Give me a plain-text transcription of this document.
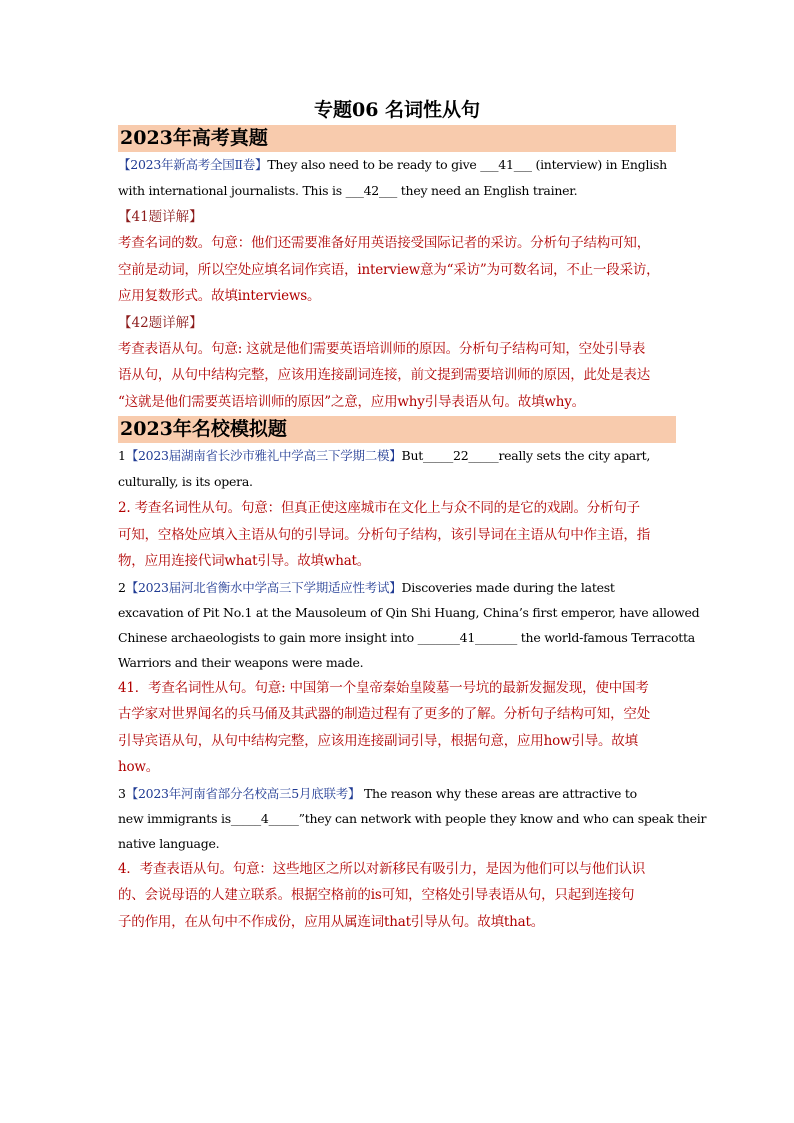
专题06 名词性从句
2023年高考真题
【2023年新高考全国Ⅱ卷】They also need to be ready to give ___41___ (interview) in English
with international journalists. This is ___42___ they need an English trainer.
【41题详解】
考查名词的数。句意：他们还需要准备好用英语接受国际记者的采访。分析句子结构可知，
空前是动词，所以空处应填名词作宾语，interview意为“采访”为可数名词，不止一段采访，
应用复数形式。故填interviews。
【42题详解】
考查表语从句。句意: 这就是他们需要英语培训师的原因。分析句子结构可知，空处引导表
语从句，从句中结构完整，应该用连接副词连接，前文提到需要培训师的原因，此处是表达
“这就是他们需要英语培训师的原因”之意，应用why引导表语从句。故填why。
2023年名校模拟题
1【2023届湖南省长沙市雅礼中学高三下学期二模】But_____22_____really sets the city apart,
culturally, is its opera.
2. 考查名词性从句。句意：但真正使这座城市在文化上与众不同的是它的戏剧。分析句子
可知，空格处应填入主语从句的引导词。分析句子结构，该引导词在主语从句中作主语，指
物，应用连接代词what引导。故填what。
2【2023届河北省衡水中学高三下学期适应性考试】Discoveries made during the latest
excavation of Pit No.1 at the Mausoleum of Qin Shi Huang, China’s first emperor, have allowed
Chinese archaeologists to gain more insight into _______41_______ the world-famous Terracotta
Warriors and their weapons were made.
41．考查名词性从句。句意: 中国第一个皇帝秦始皇陵墓一号坑的最新发掘发现，使中国考
古学家对世界闻名的兵马俑及其武器的制造过程有了更多的了解。分析句子结构可知，空处
引导宾语从句，从句中结构完整，应该用连接副词引导，根据句意，应用how引导。故填
how。
3【2023年河南省部分名校高三5月底联考】 The reason why these areas are attractive to
new immigrants is_____4_____”they can network with people they know and who can speak their
native language.
4．考查表语从句。句意：这些地区之所以对新移民有吸引力，是因为他们可以与他们认识
的、会说母语的人建立联系。根据空格前的is可知，空格处引导表语从句，只起到连接句
子的作用，在从句中不作成份，应用从属连词that引导从句。故填that。
